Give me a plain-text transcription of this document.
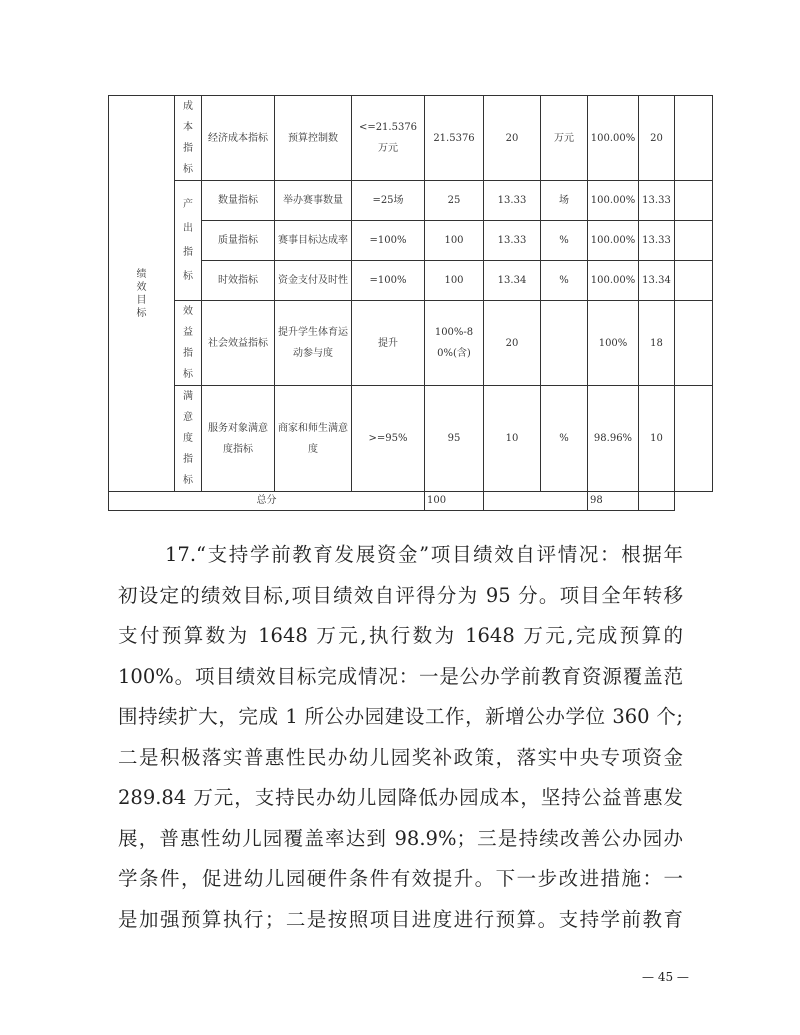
绩效目标	成本指标	经济成本指标	预算控制数	<=21.5376万元	21.5376	20	万元	100.00%	20	

	产出指标	数量指标	举办赛事数量	=25场	25	13.33	场	100.00%	13.33	
		质量指标	赛事目标达成率	=100%	100	13.33	%	100.00%	13.33	
		时效指标	资金支付及时性	=100%	100	13.34	%	100.00%	13.34	

	效益指标	社会效益指标	提升学生体育运动参与度	提升	100%-80%(含)	20		100%	18	

	满意度指标	服务对象满意度指标	商家和师生满意度	>=95%	95	10	%	98.96%	10	
总分					100			98		
17.“支持学前教育发展资金”项目绩效自评情况：根据年
初设定的绩效目标,项目绩效自评得分为 95 分。项目全年转移
支付预算数为 1648 万元,执行数为 1648 万元,完成预算的
100%。项目绩效目标完成情况：一是公办学前教育资源覆盖范
围持续扩大，完成 1 所公办园建设工作，新增公办学位 360 个;
二是积极落实普惠性民办幼儿园奖补政策，落实中央专项资金
289.84 万元，支持民办幼儿园降低办园成本，坚持公益普惠发
展，普惠性幼儿园覆盖率达到 98.9%；三是持续改善公办园办
学条件，促进幼儿园硬件条件有效提升。下一步改进措施：一
是加强预算执行；二是按照项目进度进行预算。支持学前教育
— 45 —
